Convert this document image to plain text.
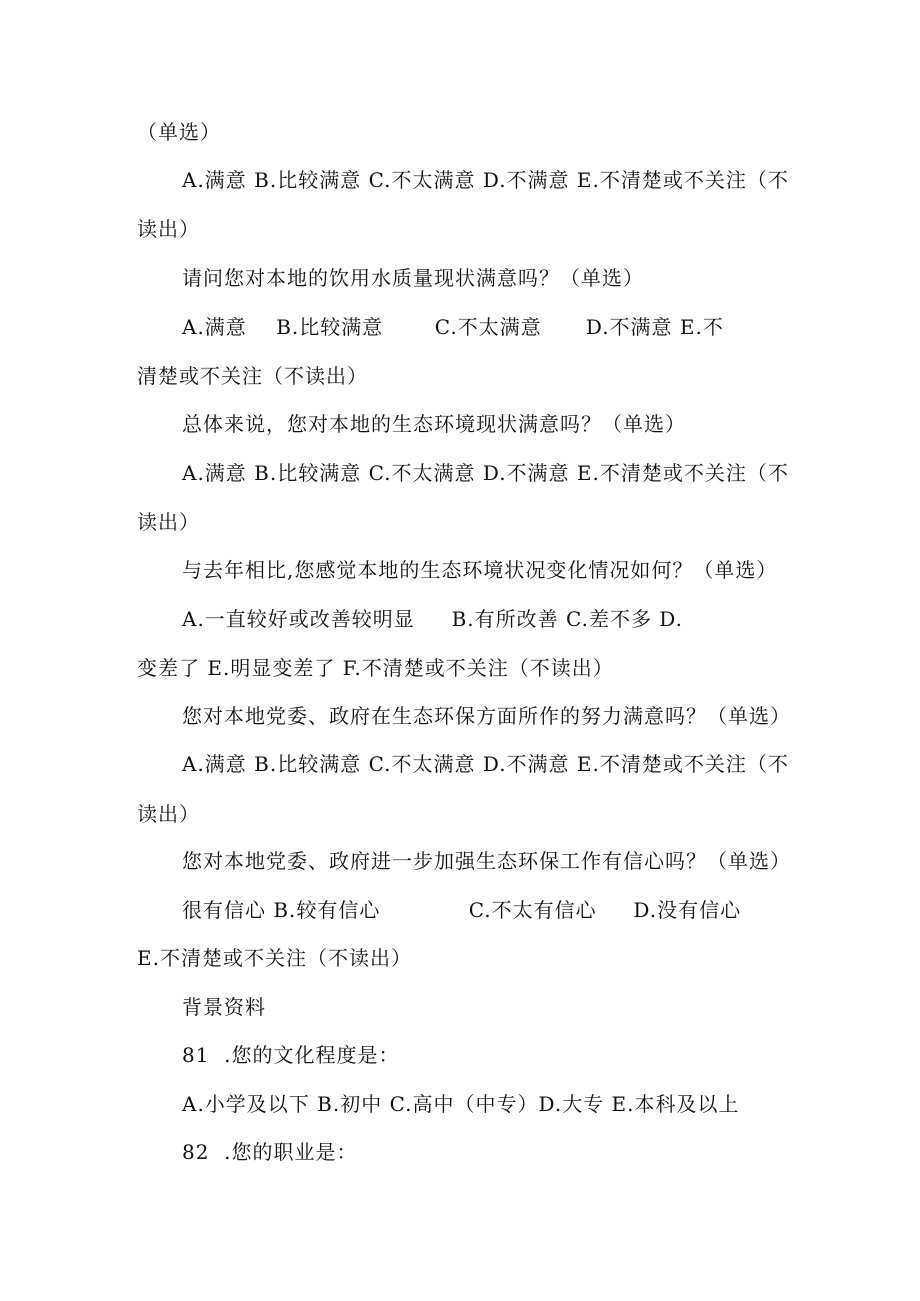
（单选）
A.满意 B.比较满意 C.不太满意 D.不满意 E.不清楚或不关注（不
读出）
请问您对本地的饮用水质量现状满意吗？（单选）
A.满意    B.比较满意       C.不太满意      D.不满意 E.不
清楚或不关注（不读出）
总体来说，您对本地的生态环境现状满意吗？（单选）
A.满意 B.比较满意 C.不太满意 D.不满意 E.不清楚或不关注（不
读出）
与去年相比,您感觉本地的生态环境状况变化情况如何？（单选）
A.一直较好或改善较明显     B.有所改善 C.差不多 D.
变差了 E.明显变差了 F.不清楚或不关注（不读出）
您对本地党委、政府在生态环保方面所作的努力满意吗？（单选）
A.满意 B.比较满意 C.不太满意 D.不满意 E.不清楚或不关注（不
读出）
您对本地党委、政府进一步加强生态环保工作有信心吗？（单选）
很有信心 B.较有信心            C.不太有信心     D.没有信心
E.不清楚或不关注（不读出）
背景资料
81  .您的文化程度是：
A.小学及以下 B.初中 C.高中（中专）D.大专 E.本科及以上
82  .您的职业是：
